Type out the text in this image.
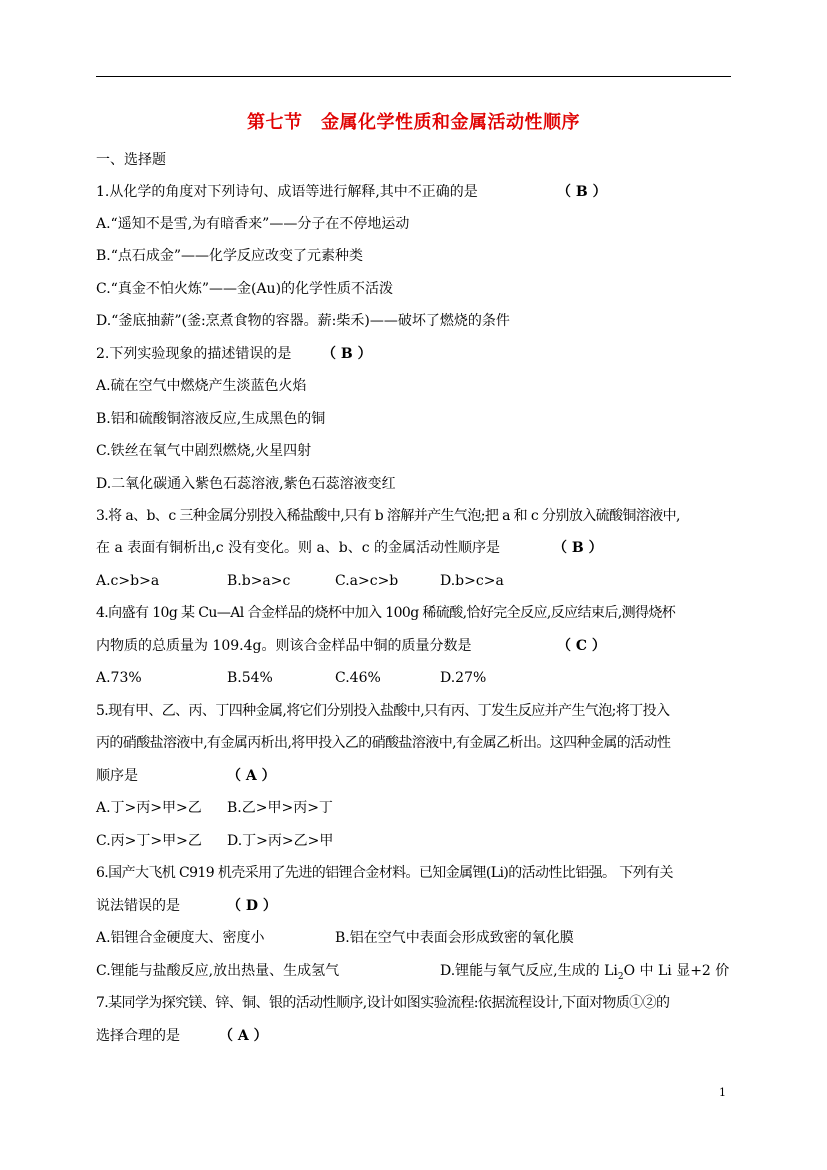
第七节　金属化学性质和金属活动性顺序
一、选择题
1.从化学的角度对下列诗句、成语等进行解释,其中不正确的是	（ B ）
A.“遥知不是雪,为有暗香来”——分子在不停地运动
B.“点石成金”——化学反应改变了元素种类
C.“真金不怕火炼”——金(Au)的化学性质不活泼
D.“釜底抽薪”(釜:烹煮食物的容器。薪:柴禾)——破坏了燃烧的条件
2.下列实验现象的描述错误的是 （ B ）
A.硫在空气中燃烧产生淡蓝色火焰
B.铝和硫酸铜溶液反应,生成黑色的铜
C.铁丝在氧气中剧烈燃烧,火星四射
D.二氧化碳通入紫色石蕊溶液,紫色石蕊溶液变红
3.将 a、b、c 三种金属分别投入稀盐酸中,只有 b 溶解并产生气泡;把 a 和 c 分别放入硫酸铜溶液中,
在 a 表面有铜析出,c 没有变化。则 a、b、c 的金属活动性顺序是	（ B ）
A.c>b>a	B.b>a>c	C.a>c>b	D.b>c>a
4.向盛有 10g 某 Cu—Al 合金样品的烧杯中加入 100g 稀硫酸,恰好完全反应,反应结束后,测得烧杯
内物质的总质量为 109.4g。则该合金样品中铜的质量分数是	（ C ）
A.73%	B.54%	C.46%	D.27%
5.现有甲、乙、丙、丁四种金属,将它们分别投入盐酸中,只有丙、丁发生反应并产生气泡;将丁投入
丙的硝酸盐溶液中,有金属丙析出,将甲投入乙的硝酸盐溶液中,有金属乙析出。这四种金属的活动性
顺序是	（ A ）
A.丁>丙>甲>乙 B.乙>甲>丙>丁
C.丙>丁>甲>乙 D.丁>丙>乙>甲
6.国产大飞机 C919 机壳采用了先进的铝锂合金材料。已知金属锂(Li)的活动性比铝强。 下列有关
说法错误的是	（ D ）
A.铝锂合金硬度大、密度小	B.铝在空气中表面会形成致密的氧化膜
C.锂能与盐酸反应,放出热量、生成氢气	D.锂能与氧气反应,生成的 $Li_2O$ 中 Li 显+2 价
7.某同学为探究镁、锌、铜、银的活动性顺序,设计如图实验流程:依据流程设计,下面对物质①②的
选择合理的是	（ A ）
1
